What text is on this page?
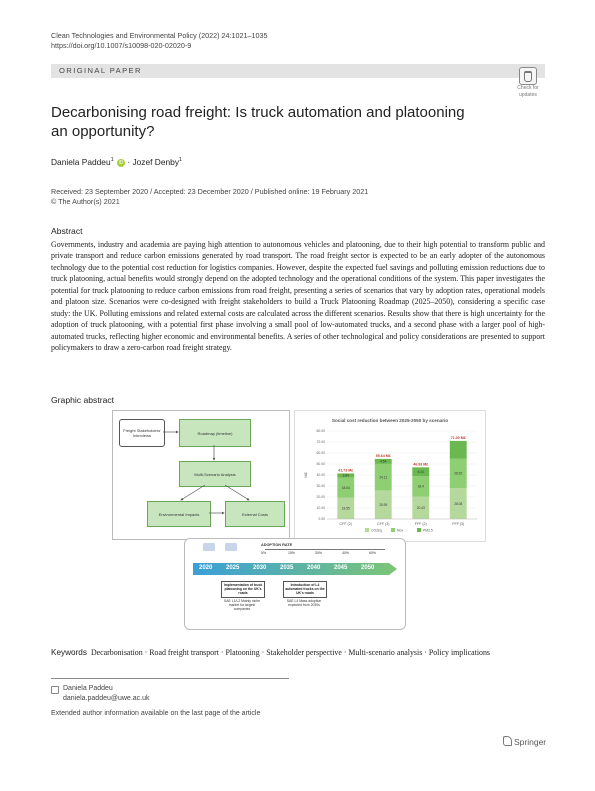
Clean Technologies and Environmental Policy (2022) 24:1021–1035
https://doi.org/10.1007/s10098-020-02020-9
ORIGINAL PAPER
Check for
updates
Decarbonising road freight: Is truck automation and platooning
an opportunity?
Daniela Paddeu$^1$ iD · Jozef Denby$^1$
Received: 23 September 2020 / Accepted: 23 December 2020 / Published online: 19 February 2021
© The Author(s) 2021
Abstract
Governments, industry and academia are paying high attention to autonomous vehicles and platooning, due to their high potential to transform public and private transport and reduce carbon emissions generated by road transport. The road freight sector is expected to be an early adopter of the autonomous technology due to the potential cost reduction for logistics companies. However, despite the expected fuel savings and polluting emission reductions due to truck platooning, actual benefits would strongly depend on the adopted technology and the operational conditions of the system. This paper investigates the potential for truck platooning to reduce carbon emissions from road freight, presenting a series of scenarios that vary by adoption rates, operational models and platoon size. Scenarios were co-designed with freight stakeholders to build a Truck Platooning Roadmap (2025–2050), considering a specific case study: the UK. Polluting emissions and related external costs are calculated across the different scenarios. Results show that there is high uncertainty for the adoption of truck platooning, with a potential first phase involving a small pool of low-automated trucks, and a second phase with a larger pool of high-automated trucks, reflecting higher economic and environmental benefits. A series of other technological and policy considerations are presented to support policymakers to draw a zero-carbon road freight strategy.
Graphic abstract
Freight Stakeholders' Interviews	Roadmap (timeline)
Multi-Scenario Analysis
Environmental Impacts	External Costs
Social cost reduction between 2025-2050 by scenario
0.00
10.00
20.00
30.00
40.00
50.00
60.00
70.00
80.00
M£
19.55
18.04
3.84
41.73 M£
CFF (2)
25.99
24.11
4.54
55.64 M£
CFF (3)
20.43
18.4
8.14
46.93 M£
FFF (2)
28.08
26.92
71.00 M£
FFF (3)
CO2eq	Nox	PM2.5
ADOPTION RATE
5%	15%	30%	40%	60%
2020 2025 2030 2035 2040 2045 2050
Implementation of truck platooning on the UK's roads
SAE L1/L2 Mainly niche market for largest companies
Introduction of L4 automated trucks on the UK's roads
SAE L4 Mass adoption expected from 2030s
Keywords Decarbonisation · Road freight transport · Platooning · Stakeholder perspective · Multi-scenario analysis · Policy implications
Daniela Paddeu
daniela.paddeu@uwe.ac.uk
Extended author information available on the last page of the article
Springer
